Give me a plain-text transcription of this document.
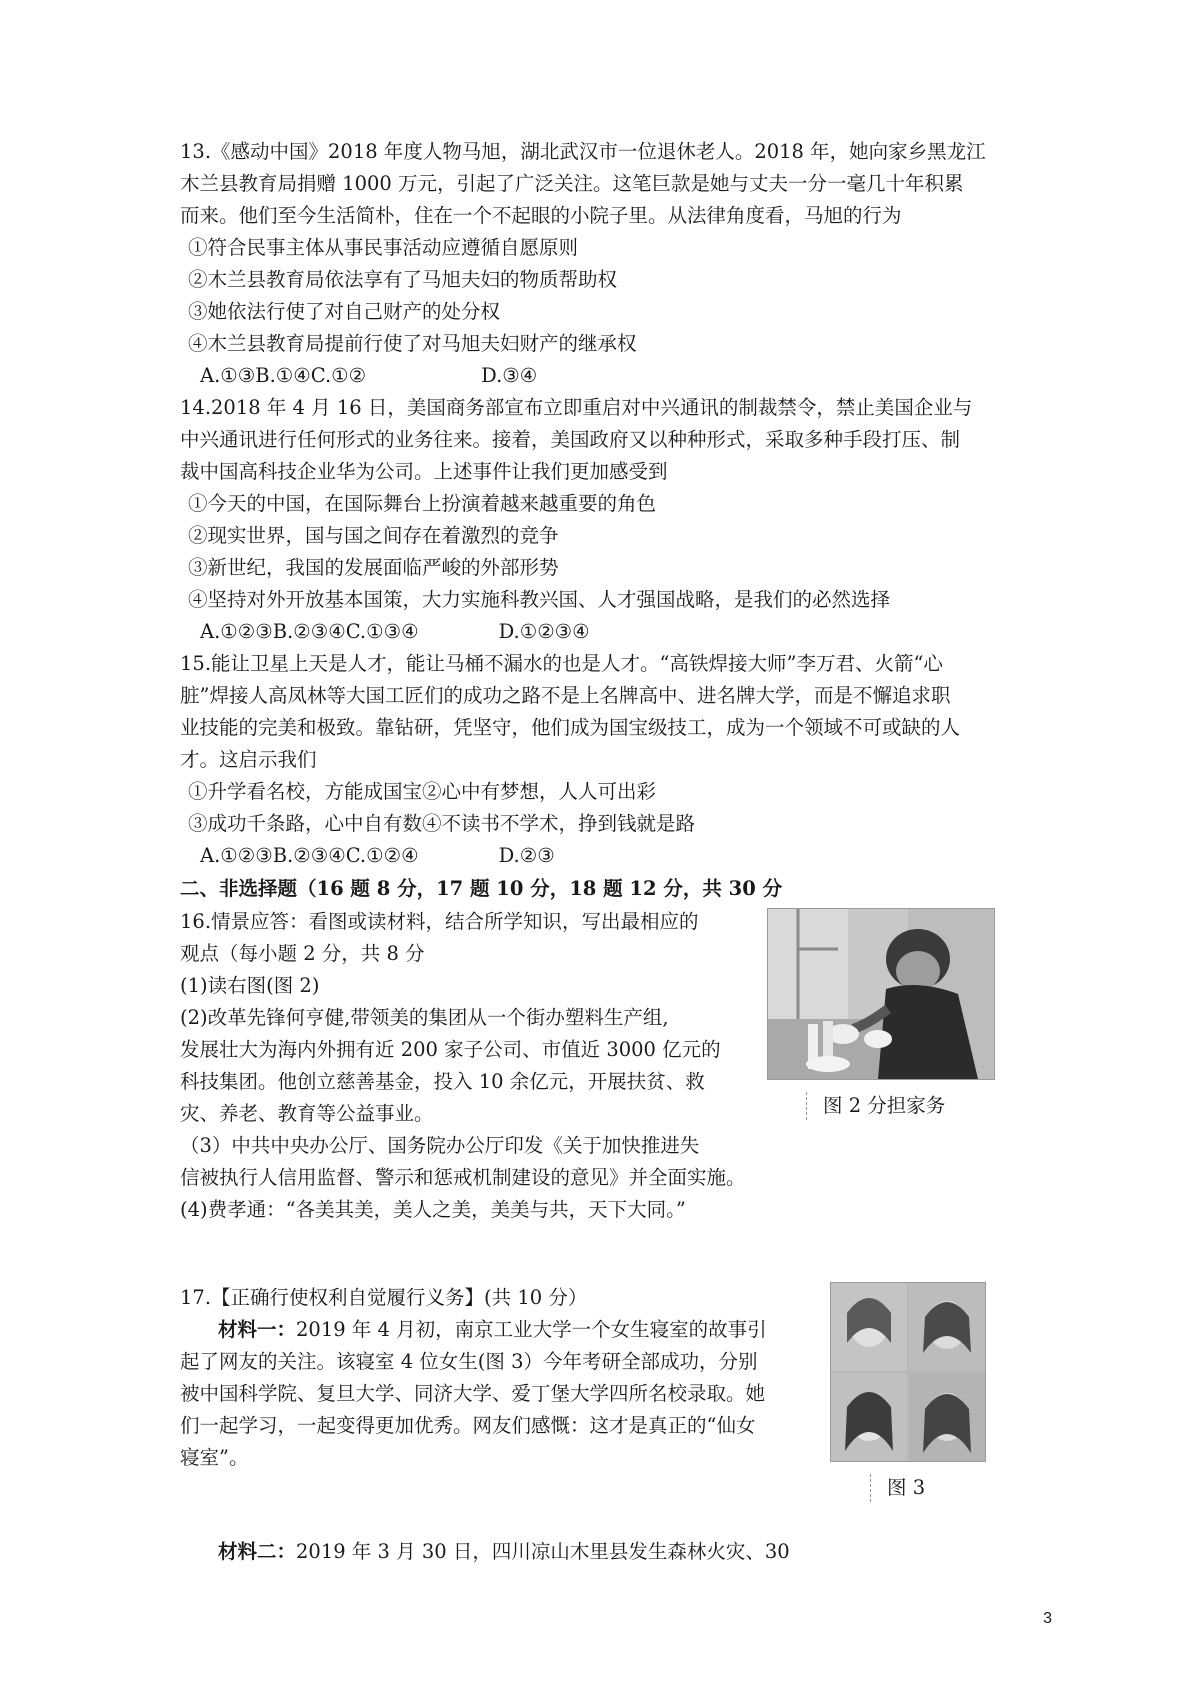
13.《感动中国》2018 年度人物马旭，湖北武汉市一位退休老人。2018 年，她向家乡黑龙江
木兰县教育局捐赠 1000 万元，引起了广泛关注。这笔巨款是她与丈夫一分一毫几十年积累
而来。他们至今生活简朴，住在一个不起眼的小院子里。从法律角度看，马旭的行为
①符合民事主体从事民事活动应遵循自愿原则
②木兰县教育局依法享有了马旭夫妇的物质帮助权
③她依法行使了对自己财产的处分权
④木兰县教育局提前行使了对马旭夫妇财产的继承权
A.①③B.①④C.①②	D.③④
14.2018 年 4 月 16 日，美国商务部宣布立即重启对中兴通讯的制裁禁令，禁止美国企业与
中兴通讯进行任何形式的业务往来。接着，美国政府又以种种形式，采取多种手段打压、制
裁中国高科技企业华为公司。上述事件让我们更加感受到
①今天的中国，在国际舞台上扮演着越来越重要的角色
②现实世界，国与国之间存在着激烈的竞争
③新世纪，我国的发展面临严峻的外部形势
④坚持对外开放基本国策，大力实施科教兴国、人才强国战略，是我们的必然选择
A.①②③B.②③④C.①③④	D.①②③④
15.能让卫星上天是人才，能让马桶不漏水的也是人才。“高铁焊接大师”李万君、火箭“心
脏”焊接人高凤林等大国工匠们的成功之路不是上名牌高中、进名牌大学，而是不懈追求职
业技能的完美和极致。靠钻研，凭坚守，他们成为国宝级技工，成为一个领域不可或缺的人
才。这启示我们
①升学看名校，方能成国宝②心中有梦想，人人可出彩
③成功千条路，心中自有数④不读书不学术，挣到钱就是路
A.①②③B.②③④C.①②④	D.②③
二、非选择题（16 题 8 分，17 题 10 分，18 题 12 分，共 30 分
16.情景应答：看图或读材料，结合所学知识，写出最相应的
观点（每小题 2 分，共 8 分
(1)读右图(图 2)
(2)改革先锋何亨健,带领美的集团从一个街办塑料生产组,
发展壮大为海内外拥有近 200 家子公司、市值近 3000 亿元的
科技集团。他创立慈善基金，投入 10 余亿元，开展扶贫、救
灾、养老、教育等公益事业。
（3）中共中央办公厅、国务院办公厅印发《关于加快推进失
信被执行人信用监督、警示和惩戒机制建设的意见》并全面实施。
(4)费孝通：“各美其美，美人之美，美美与共，天下大同。”
图 2 分担家务
17.【正确行使权利自觉履行义务】(共 10 分）
材料一：2019 年 4 月初，南京工业大学一个女生寝室的故事引
起了网友的关注。该寝室 4 位女生(图 3）今年考研全部成功，分别
被中国科学院、复旦大学、同济大学、爱丁堡大学四所名校录取。她
们一起学习，一起变得更加优秀。网友们感慨：这才是真正的“仙女
寝室”。
图 3
材料二：2019 年 3 月 30 日，四川凉山木里县发生森林火灾、30
3
